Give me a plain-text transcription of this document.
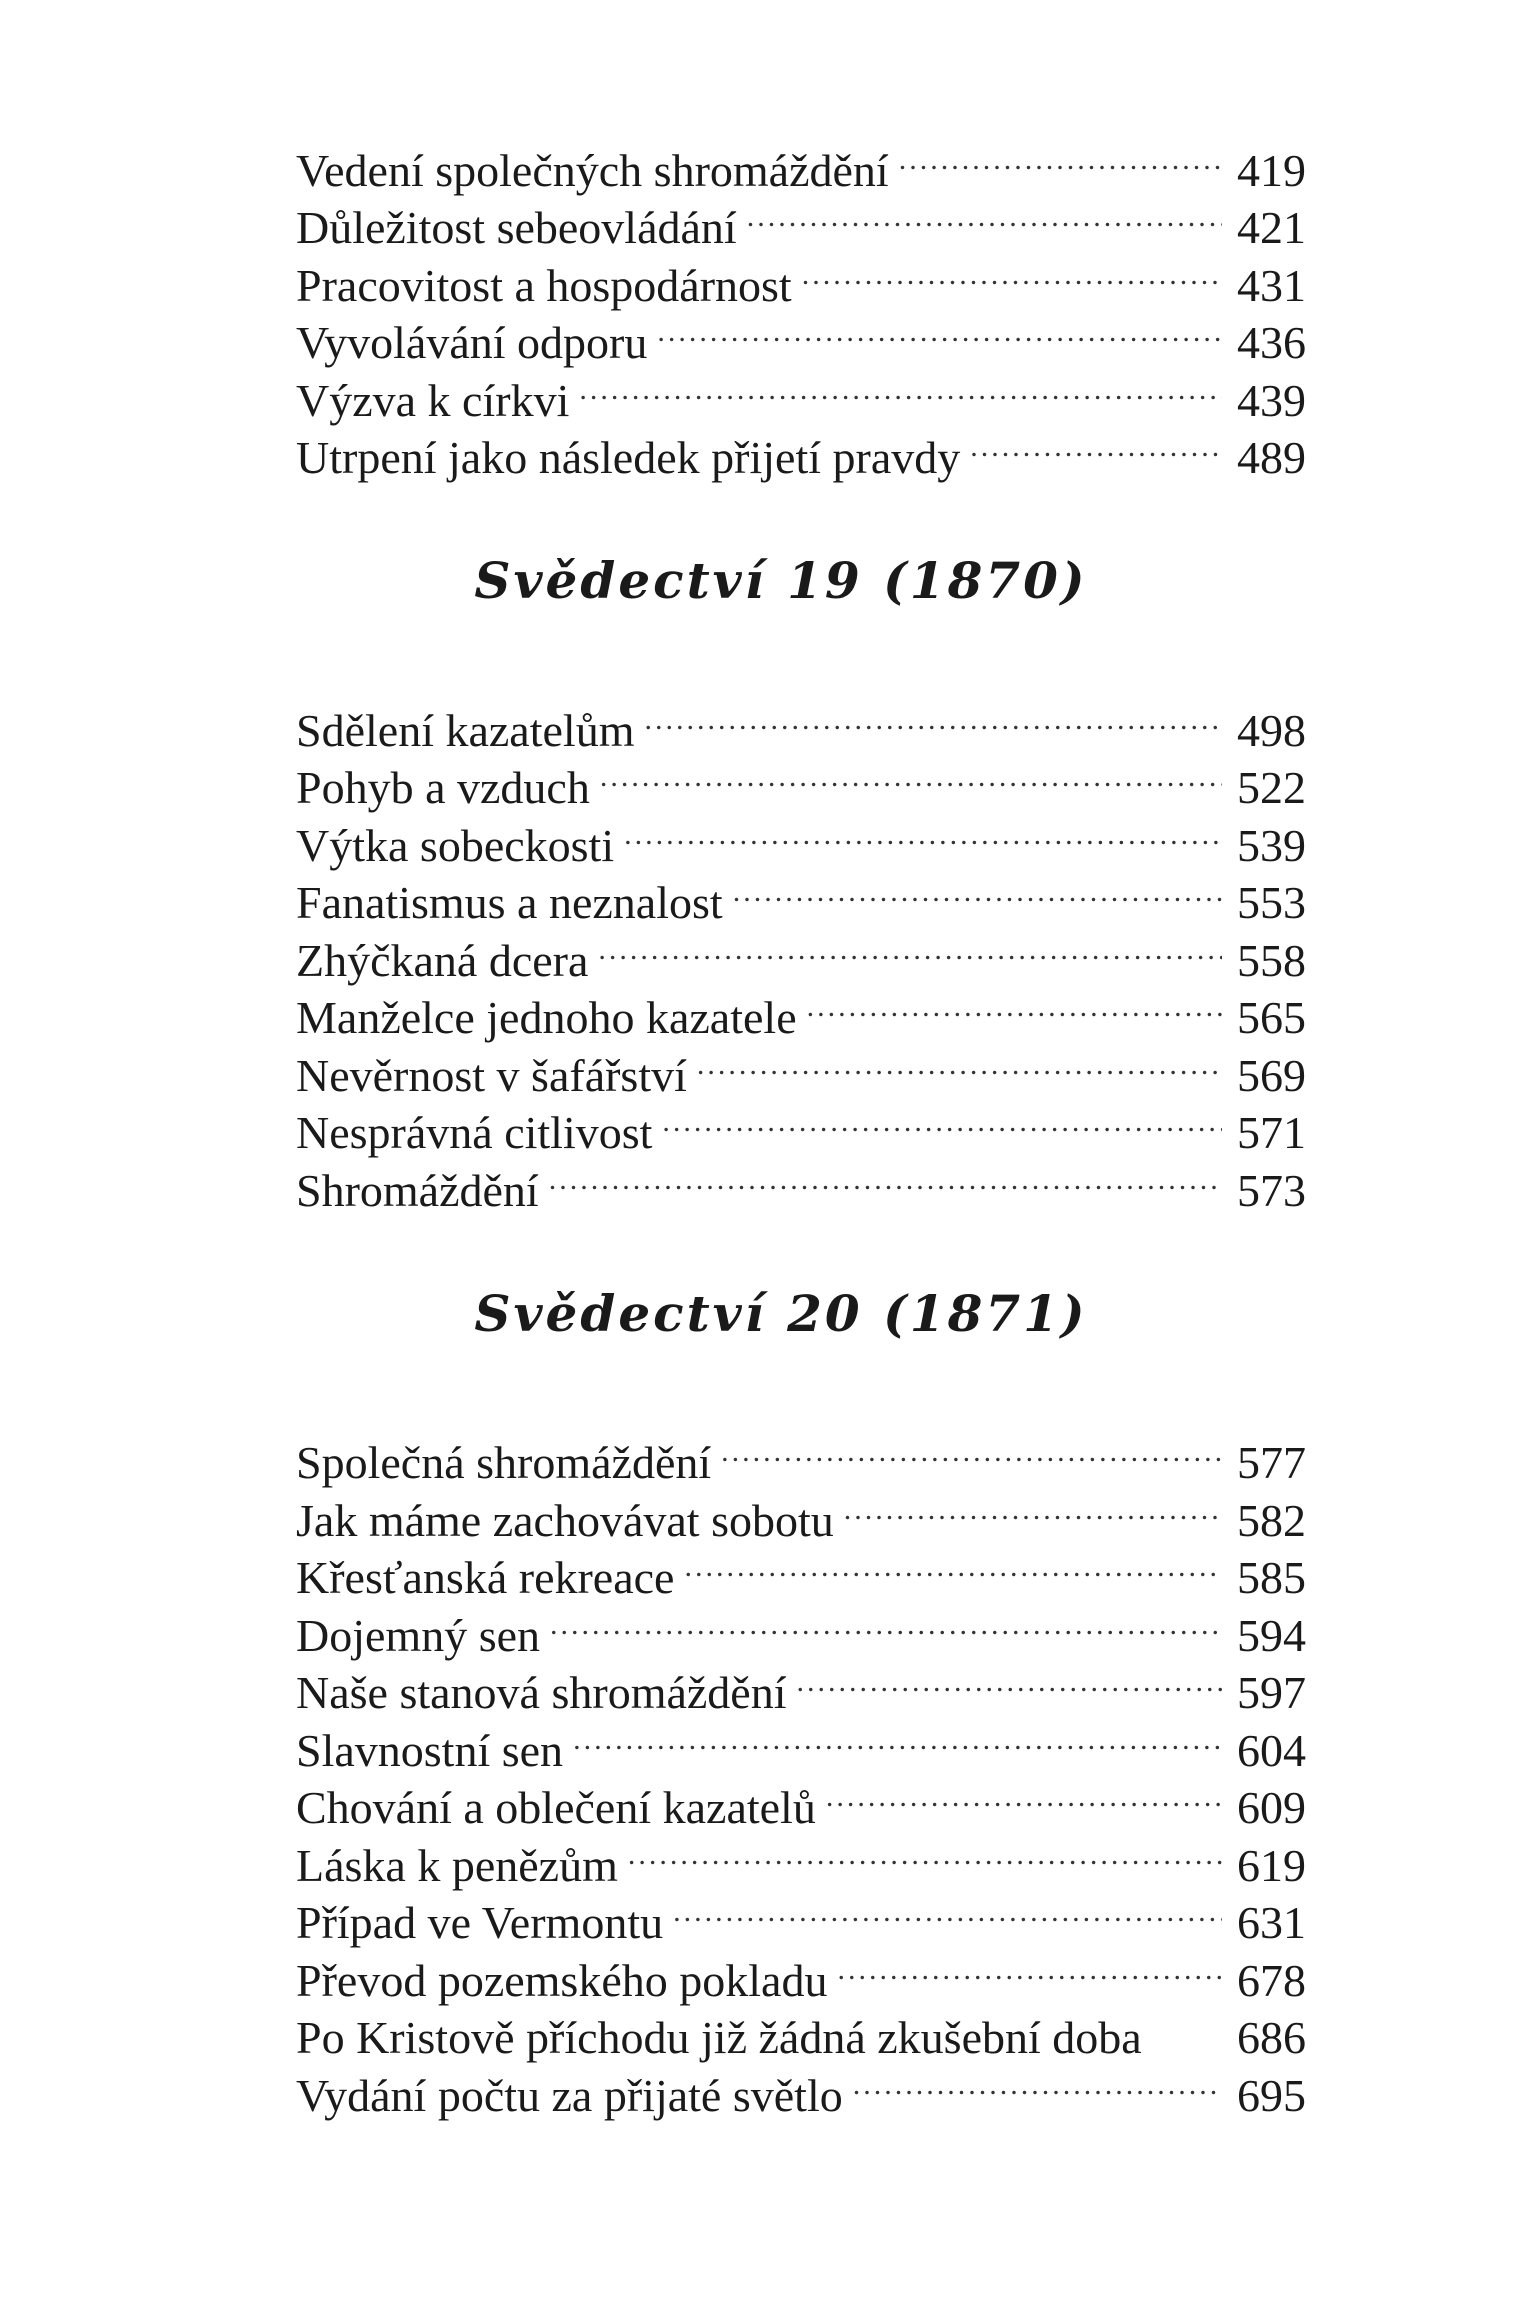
Vedení společných shromáždění .....	419
Důležitost sebeovládání .....	421
Pracovitost a hospodárnost .....	431
Vyvolávání odporu .....	436
Výzva k církvi .....	439
Utrpení jako následek přijetí pravdy .....	489
Svědectví 19 (1870)
Sdělení kazatelům .....	498
Pohyb a vzduch .....	522
Výtka sobeckosti .....	539
Fanatismus a neznalost .....	553
Zhýčkaná dcera .....	558
Manželce jednoho kazatele .....	565
Nevěrnost v šafářství .....	569
Nesprávná citlivost .....	571
Shromáždění .....	573
Svědectví 20 (1871)
Společná shromáždění .....	577
Jak máme zachovávat sobotu .....	582
Křesťanská rekreace .....	585
Dojemný sen .....	594
Naše stanová shromáždění .....	597
Slavnostní sen .....	604
Chování a oblečení kazatelů .....	609
Láska k penězům .....	619
Případ ve Vermontu .....	631
Převod pozemského pokladu .....	678
Po Kristově příchodu již žádná zkušební doba 686
Vydání počtu za přijaté světlo .....	695
